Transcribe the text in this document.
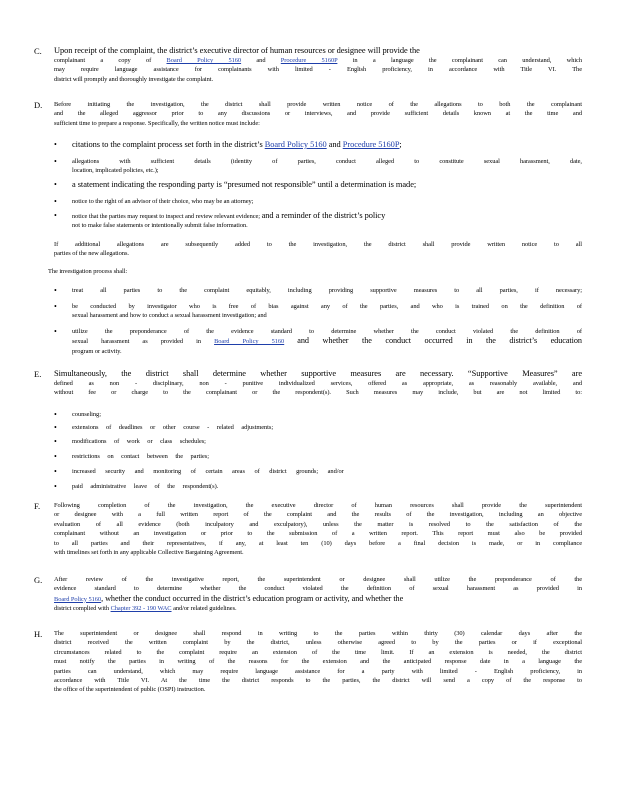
C. Upon receipt of the complaint, the district’s executive director of human resources or designee will provide the
complainant a copy of Board Policy 5160 and Procedure 5160P in a language the complainant can understand, which
may require language assistance for complainants with limited - English proficiency, in accordance with Title VI. The
district will promptly and thoroughly investigate the complaint.
D. Before initiating the investigation, the district shall provide written notice of the allegations to both the complainant
and the alleged aggressor prior to any discussions or interviews, and provide sufficient details known at the time and
sufficient time to prepare a response. Specifically, the written notice must include:
• citations to the complaint process set forth in the district’s Board Policy 5160 and Procedure 5160P;
• allegations with sufficient details (identity of parties, conduct alleged to constitute sexual harassment, date,
location, implicated policies, etc.);
• a statement indicating the responding party is “presumed not responsible” until a determination is made;
• notice to the right of an advisor of their choice, who may be an attorney;
• notice that the parties may request to inspect and review relevant evidence; and a reminder of the district’s policy
not to make false statements or intentionally submit false information.
If additional allegations are subsequently added to the investigation, the district shall provide written notice to all
parties of the new allegations.
The investigation process shall:
• treat all parties to the complaint equitably, including providing supportive measures to all parties, if necessary;
• be conducted by investigator who is free of bias against any of the parties, and who is trained on the definition of
sexual harassment and how to conduct a sexual harassment investigation; and
• utilize the preponderance of the evidence standard to determine whether the conduct violated the definition of
sexual harassment as provided in Board Policy 5160 and whether the conduct occurred in the district’s education
program or activity.
E. Simultaneously, the district shall determine whether supportive measures are necessary. “Supportive Measures” are
defined as non - disciplinary, non - punitive individualized services, offered as appropriate, as reasonably available, and
without fee or charge to the complainant or the respondent(s). Such measures may include, but are not limited to:
• counseling;
• extensions of deadlines or other course - related adjustments;
• modifications of work or class schedules;
• restrictions on contact between the parties;
• increased security and monitoring of certain areas of district grounds; and/or
• paid administrative leave of the respondent(s).
F. Following completion of the investigation, the executive director of human resources shall provide the superintendent
or designee with a full written report of the complaint and the results of the investigation, including an objective
evaluation of all evidence (both inculpatory and exculpatory), unless the matter is resolved to the satisfaction of the
complainant without an investigation or prior to the submission of a written report. This report must also be provided
to all parties and their representatives, if any, at least ten (10) days before a final decision is made, or in compliance
with timelines set forth in any applicable Collective Bargaining Agreement.
G. After review of the investigative report, the superintendent or designee shall utilize the preponderance of the
evidence standard to determine whether the conduct violated the definition of sexual harassment as provided in
Board Policy 5160, whether the conduct occurred in the district’s education program or activity, and whether the
district complied with Chapter 392 - 190 WAC and/or related guidelines.
H. The superintendent or designee shall respond in writing to the parties within thirty (30) calendar days after the
district received the written complaint by the district, unless otherwise agreed to by the parties or if exceptional
circumstances related to the complaint require an extension of the time limit. If an extension is needed, the district
must notify the parties in writing of the reasons for the extension and the anticipated response date in a language the
parties can understand, which may require language assistance for a party with limited - English proficiency, in
accordance with Title VI. At the time the district responds to the parties, the district will send a copy of the response to
the office of the superintendent of public (OSPI) instruction.
